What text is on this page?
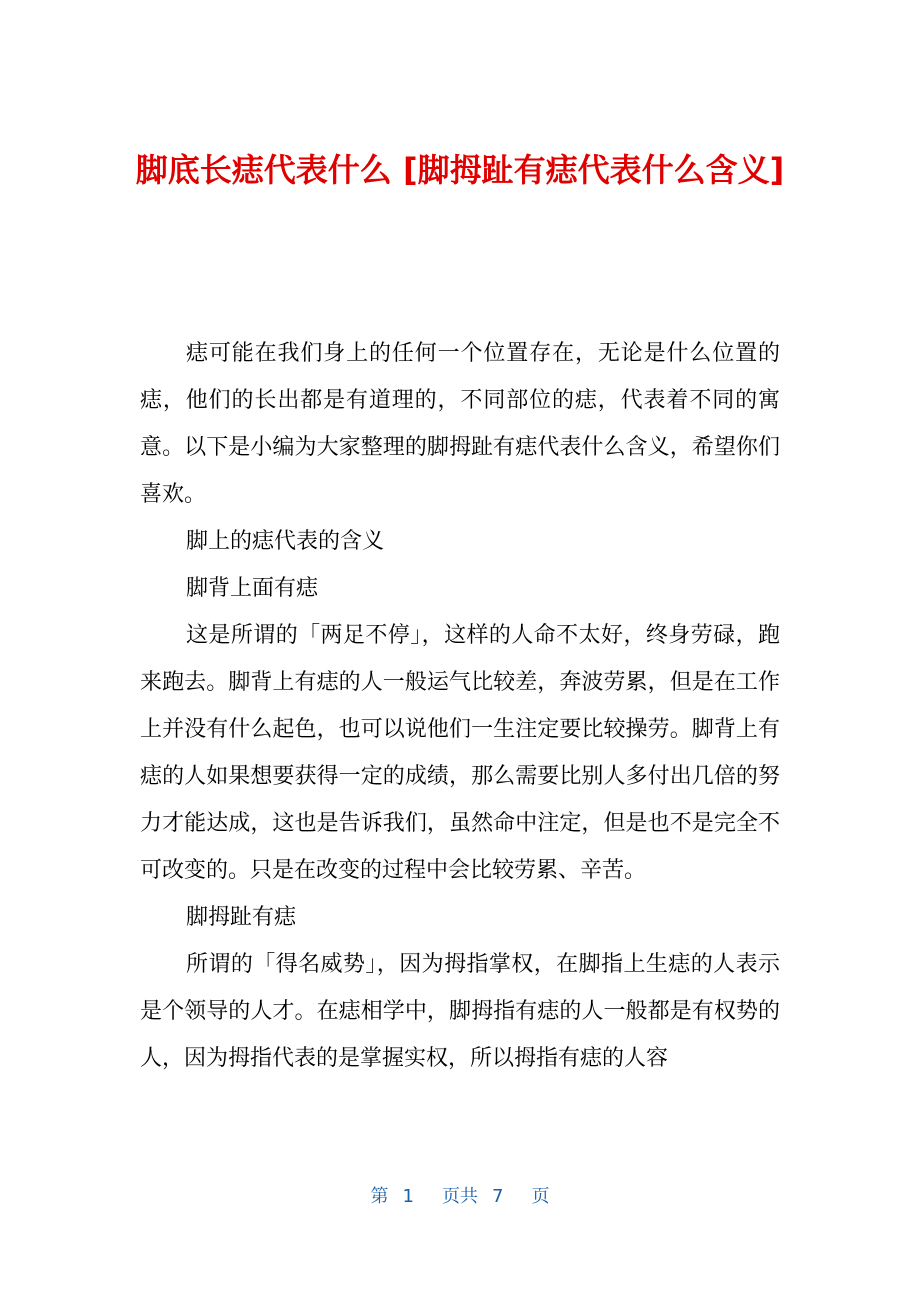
脚底长痣代表什么 [脚拇趾有痣代表什么含义]

痣可能在我们身上的任何一个位置存在，无论是什么位置的痣，他们的长出都是有道理的，不同部位的痣，代表着不同的寓意。以下是小编为大家整理的脚拇趾有痣代表什么含义，希望你们喜欢。

脚上的痣代表的含义

脚背上面有痣

这是所谓的「两足不停」，这样的人命不太好，终身劳碌，跑来跑去。脚背上有痣的人一般运气比较差，奔波劳累，但是在工作上并没有什么起色，也可以说他们一生注定要比较操劳。脚背上有痣的人如果想要获得一定的成绩，那么需要比别人多付出几倍的努力才能达成，这也是告诉我们，虽然命中注定，但是也不是完全不可改变的。只是在改变的过程中会比较劳累、辛苦。

脚拇趾有痣

所谓的「得名威势」，因为拇指掌权，在脚指上生痣的人表示是个领导的人才。在痣相学中，脚拇指有痣的人一般都是有权势的人，因为拇指代表的是掌握实权，所以拇指有痣的人容

第 1 页共 7 页
